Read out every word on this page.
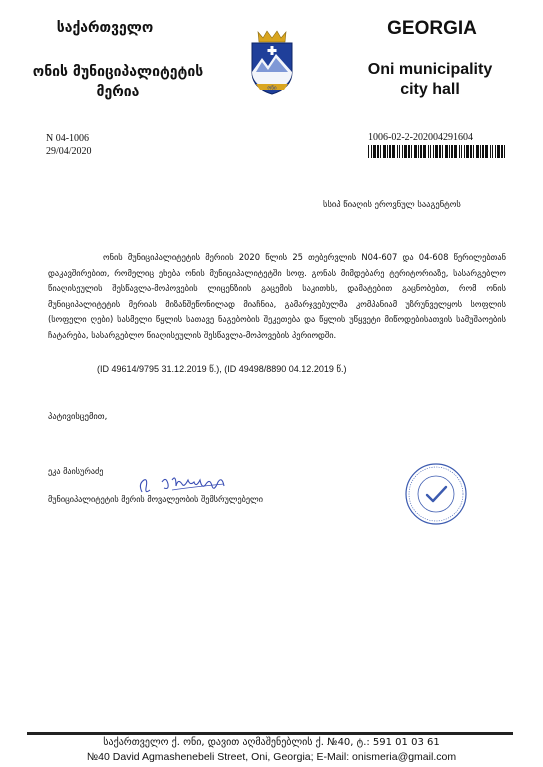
საქართველო
ონის მუნიციპალიტეტის
მერია	ონი
GEORGIA
Oni municipality
city hall
N 04-1006
29/04/2020
1006-02-2-202004291604
სსიპ წიაღის ეროვნულ სააგენტოს
ონის მუნიციპალიტეტის მერიის 2020 წლის 25 თებერვლის N04-607 და 04-608 წერილებთან დაკავშირებით, რომელიც ეხება ონის მუნიციპალიტეტში სოფ. გონას მიმდებარე ტერიტორიაზე, სასარგებლო წიაღისეულის შესწავლა-მოპოვების ლიცენზიის გაცემის საკითხს, დამატებით გაცნობებთ, რომ ონის მუნიციპალიტეტის მერიას მიზანშეწონილად მიაჩნია, გამარჯვებულმა კომპანიამ უზრუნველყოს სოფლის (სოფელი ღები) სასმელი წყლის სათავე ნაგებობის შეკეთება და წყლის უწყვეტი მიწოდებისათვის სამუშაოების ჩატარება, სასარგებლო წიაღისეულის შესწავლა-მოპოვების პერიოდში.
(ID 49614/9795 31.12.2019 წ.), (ID 49498/8890 04.12.2019 წ.)
პატივისცემით,
ეკა მაისურაძე
მუნიციპალიტეტის მერის მოვალეობის შემსრულებელი
საქართველო ქ. ონი, დავით აღმაშენებლის ქ. №40, ტ.: 591 01 03 61
№40 David Agmashenebeli Street, Oni, Georgia; E-Mail: onismeria@gmail.com
